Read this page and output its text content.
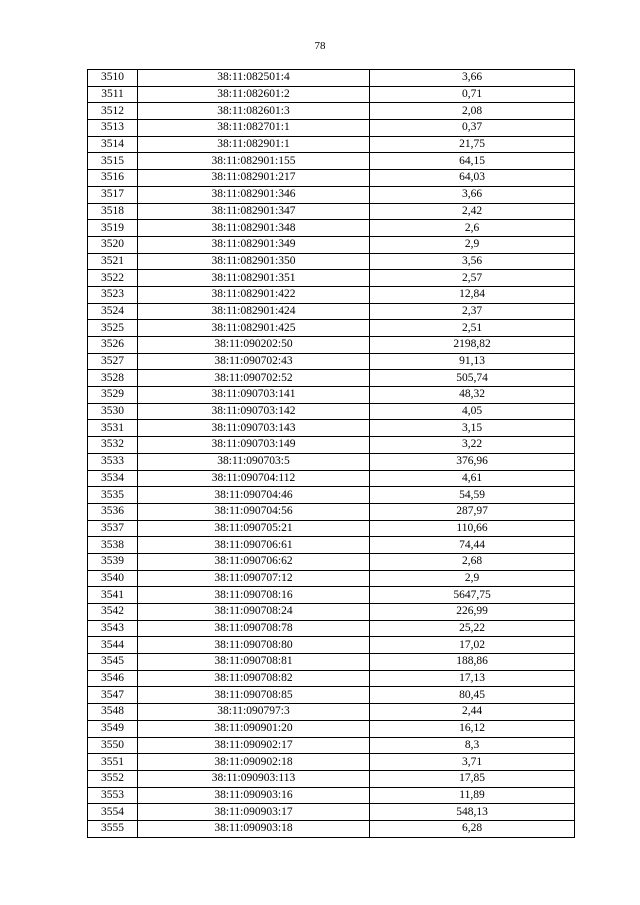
78
3510	38:11:082501:4	3,66
3511	38:11:082601:2	0,71
3512	38:11:082601:3	2,08
3513	38:11:082701:1	0,37
3514	38:11:082901:1	21,75
3515	38:11:082901:155	64,15
3516	38:11:082901:217	64,03
3517	38:11:082901:346	3,66
3518	38:11:082901:347	2,42
3519	38:11:082901:348	2,6
3520	38:11:082901:349	2,9
3521	38:11:082901:350	3,56
3522	38:11:082901:351	2,57
3523	38:11:082901:422	12,84
3524	38:11:082901:424	2,37
3525	38:11:082901:425	2,51
3526	38:11:090202:50	2198,82
3527	38:11:090702:43	91,13
3528	38:11:090702:52	505,74
3529	38:11:090703:141	48,32
3530	38:11:090703:142	4,05
3531	38:11:090703:143	3,15
3532	38:11:090703:149	3,22
3533	38:11:090703:5	376,96
3534	38:11:090704:112	4,61
3535	38:11:090704:46	54,59
3536	38:11:090704:56	287,97
3537	38:11:090705:21	110,66
3538	38:11:090706:61	74,44
3539	38:11:090706:62	2,68
3540	38:11:090707:12	2,9
3541	38:11:090708:16	5647,75
3542	38:11:090708:24	226,99
3543	38:11:090708:78	25,22
3544	38:11:090708:80	17,02
3545	38:11:090708:81	188,86
3546	38:11:090708:82	17,13
3547	38:11:090708:85	80,45
3548	38:11:090797:3	2,44
3549	38:11:090901:20	16,12
3550	38:11:090902:17	8,3
3551	38:11:090902:18	3,71
3552	38:11:090903:113	17,85
3553	38:11:090903:16	11,89
3554	38:11:090903:17	548,13
3555	38:11:090903:18	6,28
